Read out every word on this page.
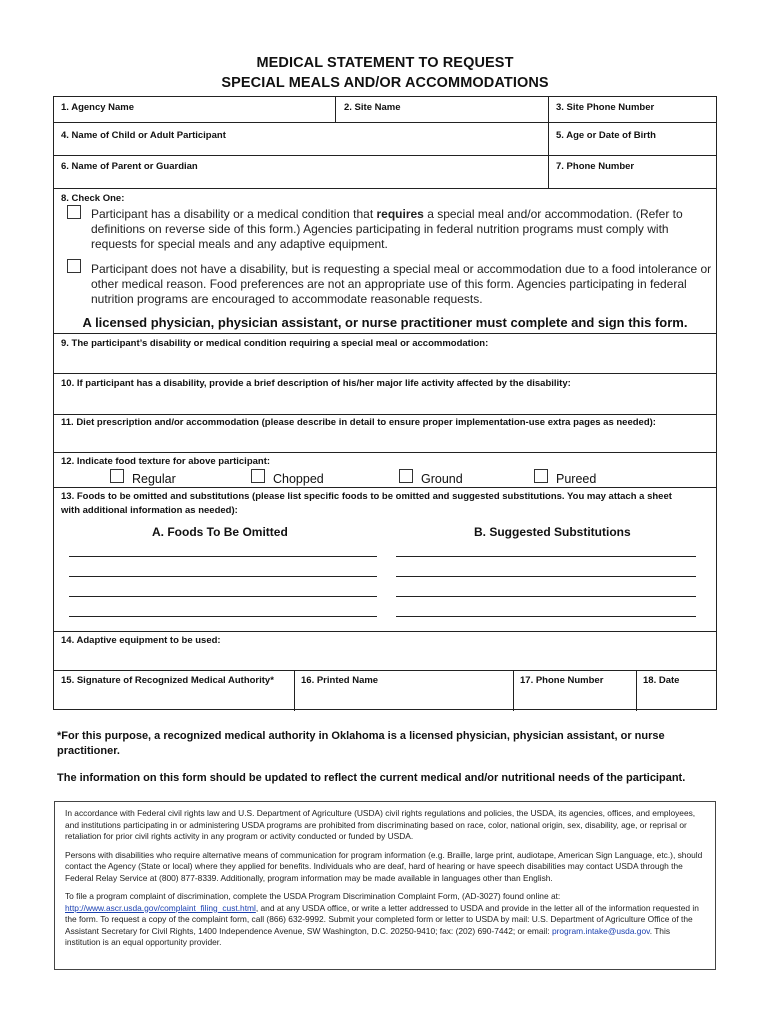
MEDICAL STATEMENT TO REQUEST
SPECIAL MEALS AND/OR ACCOMMODATIONS
1. Agency Name	2. Site Name	3. Site Phone Number
4. Name of Child or Adult Participant	5. Age or Date of Birth
6. Name of Parent or Guardian	7. Phone Number
8. Check One:
Participant has a disability or a medical condition that requires a special meal and/or accommodation. (Refer to definitions on reverse side of this form.) Agencies participating in federal nutrition programs must comply with requests for special meals and any adaptive equipment.
Participant does not have a disability, but is requesting a special meal or accommodation due to a food intolerance or other medical reason. Food preferences are not an appropriate use of this form. Agencies participating in federal nutrition programs are encouraged to accommodate reasonable requests.
A licensed physician, physician assistant, or nurse practitioner must complete and sign this form.
9. The participant’s disability or medical condition requiring a special meal or accommodation:
10. If participant has a disability, provide a brief description of his/her major life activity affected by the disability:
11. Diet prescription and/or accommodation (please describe in detail to ensure proper implementation-use extra pages as needed):
12. Indicate food texture for above participant:
Regular	Chopped	Ground	Pureed
13. Foods to be omitted and substitutions (please list specific foods to be omitted and suggested substitutions. You may attach a sheet
with additional information as needed):
A. Foods To Be Omitted	B. Suggested Substitutions
14. Adaptive equipment to be used:
15. Signature of Recognized Medical Authority*	16. Printed Name	17. Phone Number	18. Date
*For this purpose, a recognized medical authority in Oklahoma is a licensed physician, physician assistant, or nurse practitioner.
The information on this form should be updated to reflect the current medical and/or nutritional needs of the participant.

In accordance with Federal civil rights law and U.S. Department of Agriculture (USDA) civil rights regulations and policies, the USDA, its agencies, offices, and employees, and institutions participating in or administering USDA programs are prohibited from discriminating based on race, color, national origin, sex, disability, age, or reprisal or retaliation for prior civil rights activity in any program or activity conducted or funded by USDA.

Persons with disabilities who require alternative means of communication for program information (e.g. Braille, large print, audiotape, American Sign Language, etc.), should contact the Agency (State or local) where they applied for benefits. Individuals who are deaf, hard of hearing or have speech disabilities may contact USDA through the Federal Relay Service at (800) 877-8339. Additionally, program information may be made available in languages other than English.

To file a program complaint of discrimination, complete the USDA Program Discrimination Complaint Form, (AD-3027) found online at: http://www.ascr.usda.gov/complaint_filing_cust.html, and at any USDA office, or write a letter addressed to USDA and provide in the letter all of the information requested in the form. To request a copy of the complaint form, call (866) 632-9992. Submit your completed form or letter to USDA by mail: U.S. Department of Agriculture Office of the Assistant Secretary for Civil Rights, 1400 Independence Avenue, SW Washington, D.C. 20250-9410; fax: (202) 690-7442; or email: program.intake@usda.gov. This institution is an equal opportunity provider.
